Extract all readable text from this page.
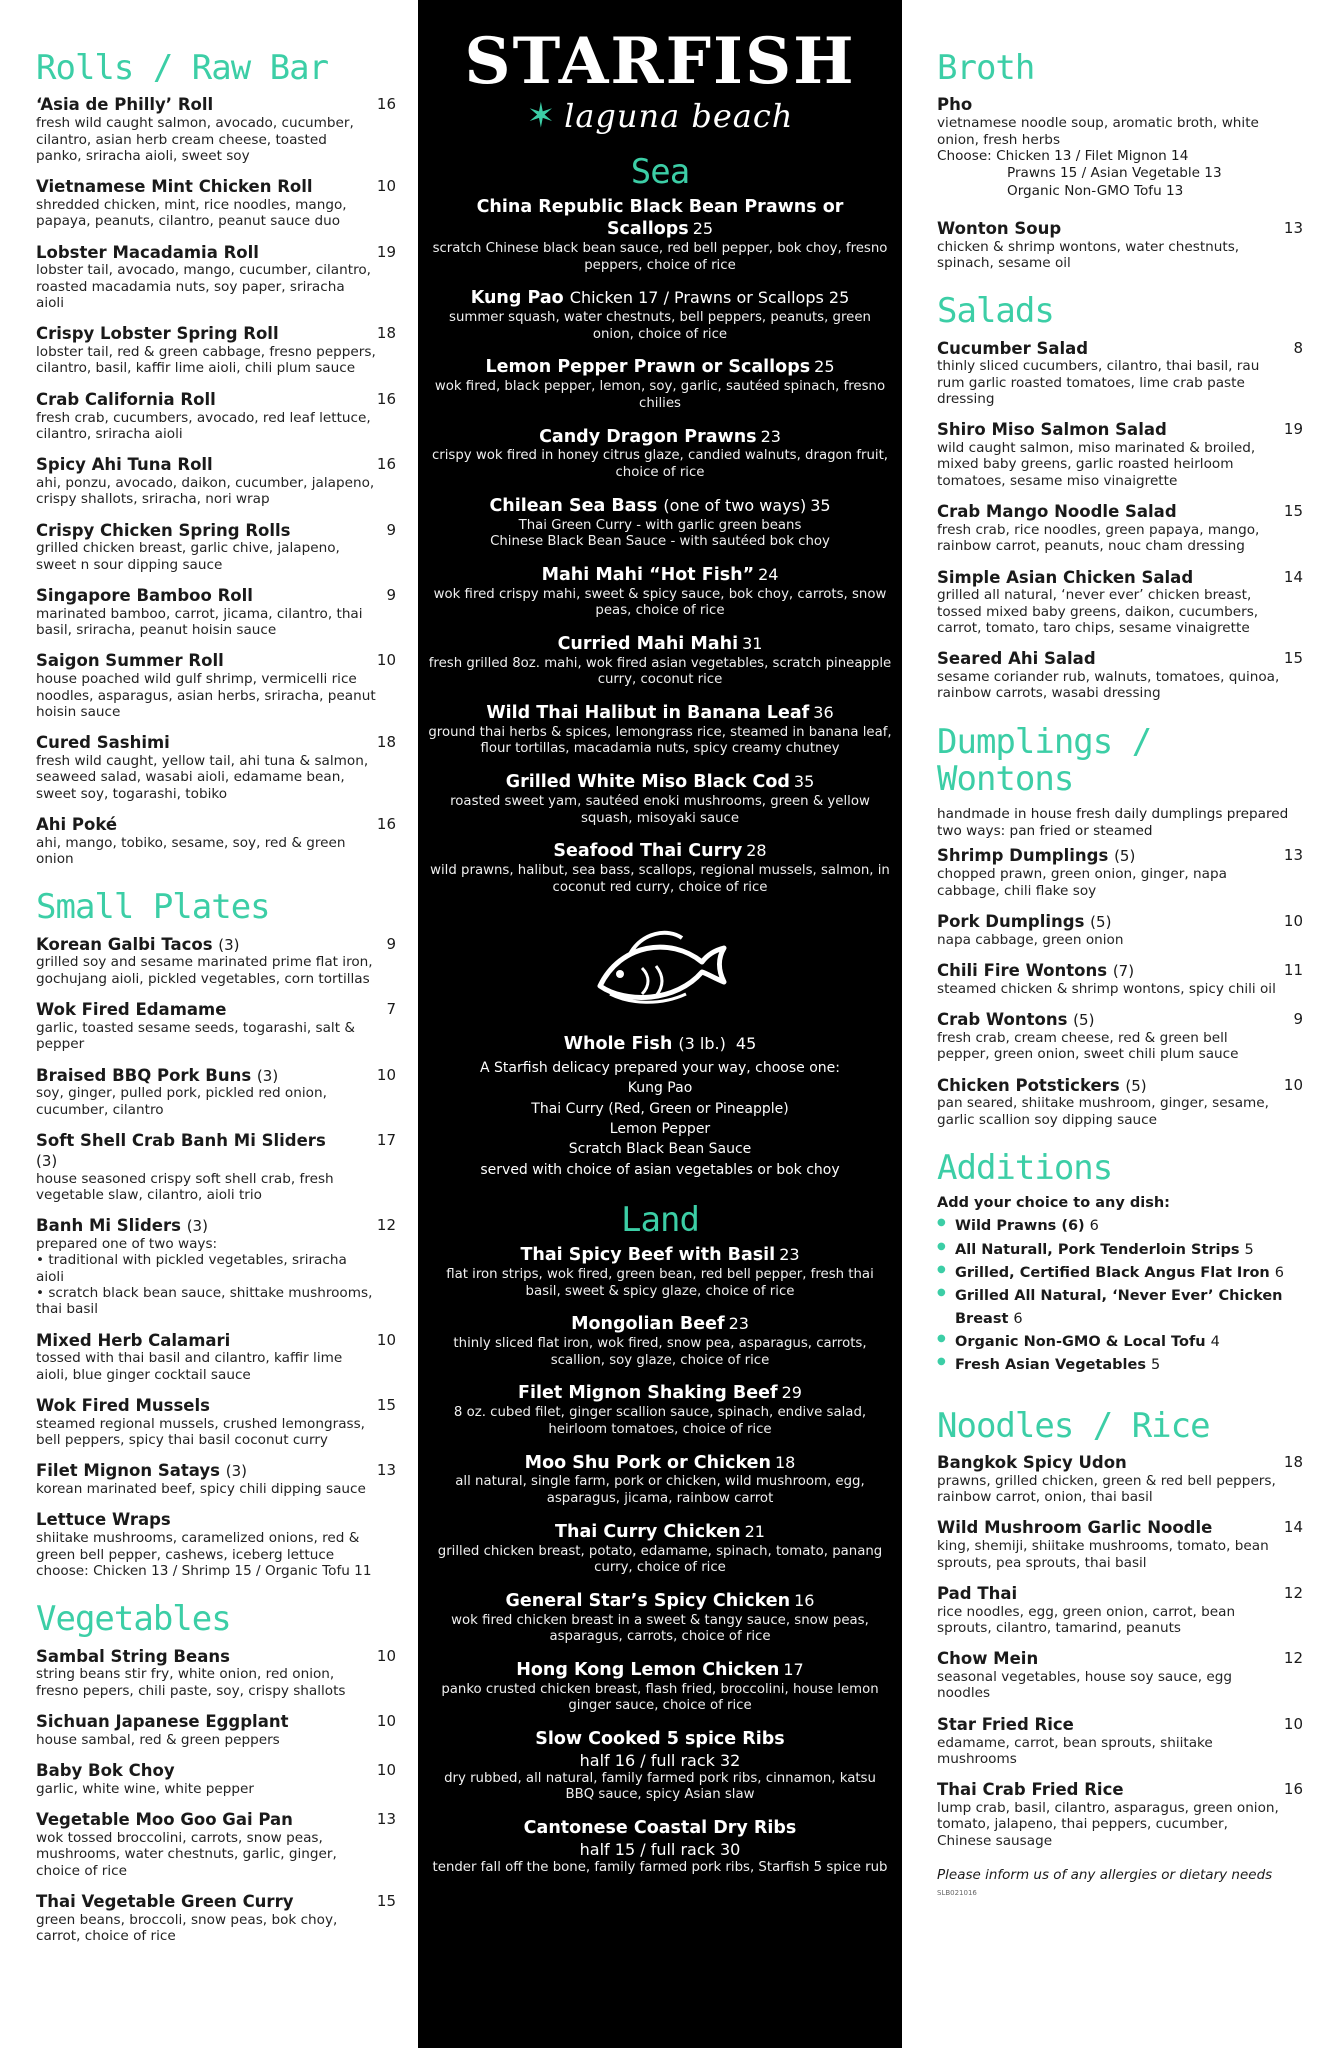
Rolls / Raw Bar
‘Asia de Philly’ Roll	16
fresh wild caught salmon, avocado, cucumber, cilantro, asian herb cream cheese, toasted panko, sriracha aioli, sweet soy
Vietnamese Mint Chicken Roll	10
shredded chicken, mint, rice noodles, mango, papaya, peanuts, cilantro, peanut sauce duo
Lobster Macadamia Roll	19
lobster tail, avocado, mango, cucumber, cilantro, roasted macadamia nuts, soy paper, sriracha aioli
Crispy Lobster Spring Roll	18
lobster tail, red & green cabbage, fresno peppers, cilantro, basil, kaffir lime aioli, chili plum sauce
Crab California Roll	16
fresh crab, cucumbers, avocado, red leaf lettuce, cilantro, sriracha aioli
Spicy Ahi Tuna Roll	16
ahi, ponzu, avocado, daikon, cucumber, jalapeno, crispy shallots, sriracha, nori wrap
Crispy Chicken Spring Rolls	9
grilled chicken breast, garlic chive, jalapeno, sweet n sour dipping sauce
Singapore Bamboo Roll	9
marinated bamboo, carrot, jicama, cilantro, thai basil, sriracha, peanut hoisin sauce
Saigon Summer Roll	10
house poached wild gulf shrimp, vermicelli rice noodles, asparagus, asian herbs, sriracha, peanut hoisin sauce
Cured Sashimi	18
fresh wild caught, yellow tail, ahi tuna & salmon, seaweed salad, wasabi aioli, edamame bean, sweet soy, togarashi, tobiko
Ahi Poké	16
ahi, mango, tobiko, sesame, soy, red & green onion
Small Plates
Korean Galbi Tacos (3)	9
grilled soy and sesame marinated prime flat iron, gochujang aioli, pickled vegetables, corn tortillas
Wok Fired Edamame	7
garlic, toasted sesame seeds, togarashi, salt & pepper
Braised BBQ Pork Buns (3)	10
soy, ginger, pulled pork, pickled red onion, cucumber, cilantro
Soft Shell Crab Banh Mi Sliders (3)
17
house seasoned crispy soft shell crab, fresh vegetable slaw, cilantro, aioli trio
Banh Mi Sliders (3)	12
prepared one of two ways:
• traditional with pickled vegetables, sriracha aioli
• scratch black bean sauce, shittake mushrooms, thai basil
Mixed Herb Calamari	10
tossed with thai basil and cilantro, kaffir lime aioli, blue ginger cocktail sauce
Wok Fired Mussels	15
steamed regional mussels, crushed lemongrass, bell peppers, spicy thai basil coconut curry
Filet Mignon Satays (3)	13
korean marinated beef, spicy chili dipping sauce
Lettuce Wraps
shiitake mushrooms, caramelized onions, red & green bell pepper, cashews, iceberg lettuce
choose: Chicken 13 / Shrimp 15 / Organic Tofu 11
Vegetables
Sambal String Beans	10
string beans stir fry, white onion, red onion, fresno pepers, chili paste, soy, crispy shallots
Sichuan Japanese Eggplant	10
house sambal, red & green peppers
Baby Bok Choy	10
garlic, white wine, white pepper
Vegetable Moo Goo Gai Pan	13
wok tossed broccolini, carrots, snow peas, mushrooms, water chestnuts, garlic, ginger, choice of rice
Thai Vegetable Green Curry	15
green beans, broccoli, snow peas, bok choy, carrot, choice of rice
STARFISH
✶ laguna beach
Sea
China Republic Black Bean Prawns or Scallops 25
scratch Chinese black bean sauce, red bell pepper, bok choy, fresno peppers, choice of rice
Kung Pao Chicken 17 / Prawns or Scallops 25
summer squash, water chestnuts, bell peppers, peanuts, green onion, choice of rice
Lemon Pepper Prawn or Scallops 25
wok fired, black pepper, lemon, soy, garlic, sautéed spinach, fresno chilies
Candy Dragon Prawns 23
crispy wok fired in honey citrus glaze, candied walnuts, dragon fruit, choice of rice
Chilean Sea Bass (one of two ways) 35
Thai Green Curry - with garlic green beans
Chinese Black Bean Sauce - with sautéed bok choy
Mahi Mahi “Hot Fish” 24
wok fired crispy mahi, sweet & spicy sauce, bok choy, carrots, snow peas, choice of rice
Curried Mahi Mahi 31
fresh grilled 8oz. mahi, wok fired asian vegetables, scratch pineapple curry, coconut rice
Wild Thai Halibut in Banana Leaf 36
ground thai herbs & spices, lemongrass rice, steamed in banana leaf, flour tortillas, macadamia nuts, spicy creamy chutney
Grilled White Miso Black Cod 35
roasted sweet yam, sautéed enoki mushrooms, green & yellow squash, misoyaki sauce
Seafood Thai Curry 28
wild prawns, halibut, sea bass, scallops, regional mussels, salmon, in coconut red curry, choice of rice
Whole Fish (3 lb.) 45
A Starfish delicacy prepared your way, choose one:
Kung Pao
Thai Curry (Red, Green or Pineapple)
Lemon Pepper
Scratch Black Bean Sauce
served with choice of asian vegetables or bok choy
Land
Thai Spicy Beef with Basil 23
flat iron strips, wok fired, green bean, red bell pepper, fresh thai basil, sweet & spicy glaze, choice of rice
Mongolian Beef 23
thinly sliced flat iron, wok fired, snow pea, asparagus, carrots, scallion, soy glaze, choice of rice
Filet Mignon Shaking Beef 29
8 oz. cubed filet, ginger scallion sauce, spinach, endive salad, heirloom tomatoes, choice of rice
Moo Shu Pork or Chicken 18
all natural, single farm, pork or chicken, wild mushroom, egg, asparagus, jicama, rainbow carrot
Thai Curry Chicken 21
grilled chicken breast, potato, edamame, spinach, tomato, panang curry, choice of rice
General Star’s Spicy Chicken 16
wok fired chicken breast in a sweet & tangy sauce, snow peas, asparagus, carrots, choice of rice
Hong Kong Lemon Chicken 17
panko crusted chicken breast, flash fried, broccolini, house lemon ginger sauce, choice of rice
Slow Cooked 5 spice Ribs
half 16 / full rack 32
dry rubbed, all natural, family farmed pork ribs, cinnamon, katsu BBQ sauce, spicy Asian slaw
Cantonese Coastal Dry Ribs
half 15 / full rack 30
tender fall off the bone, family farmed pork ribs, Starfish 5 spice rub
Broth
Pho
vietnamese noodle soup, aromatic broth, white onion, fresh herbs
Choose: Chicken 13 / Filet Mignon 14
Prawns 15 / Asian Vegetable 13
Organic Non-GMO Tofu 13
Wonton Soup	13
chicken & shrimp wontons, water chestnuts, spinach, sesame oil
Salads
Cucumber Salad	8
thinly sliced cucumbers, cilantro, thai basil, rau rum garlic roasted tomatoes, lime crab paste dressing
Shiro Miso Salmon Salad	19
wild caught salmon, miso marinated & broiled, mixed baby greens, garlic roasted heirloom tomatoes, sesame miso vinaigrette
Crab Mango Noodle Salad	15
fresh crab, rice noodles, green papaya, mango, rainbow carrot, peanuts, nouc cham dressing
Simple Asian Chicken Salad	14
grilled all natural, ‘never ever’ chicken breast, tossed mixed baby greens, daikon, cucumbers, carrot, tomato, taro chips, sesame vinaigrette
Seared Ahi Salad	15
sesame coriander rub, walnuts, tomatoes, quinoa, rainbow carrots, wasabi dressing
Dumplings / Wontons
handmade in house fresh daily dumplings prepared two ways: pan fried or steamed
Shrimp Dumplings (5)	13
chopped prawn, green onion, ginger, napa cabbage, chili flake soy
Pork Dumplings (5)	10
napa cabbage, green onion
Chili Fire Wontons (7)	11
steamed chicken & shrimp wontons, spicy chili oil
Crab Wontons (5)	9
fresh crab, cream cheese, red & green bell pepper, green onion, sweet chili plum sauce
Chicken Potstickers (5)	10
pan seared, shiitake mushroom, ginger, sesame, garlic scallion soy dipping sauce
Additions
Add your choice to any dish:
● Wild Prawns (6) 6
● All Naturall, Pork Tenderloin Strips 5
● Grilled, Certified Black Angus Flat Iron 6
● Grilled All Natural, ‘Never Ever’ Chicken Breast 6
● Organic Non-GMO & Local Tofu 4
● Fresh Asian Vegetables 5
Noodles / Rice
Bangkok Spicy Udon	18
prawns, grilled chicken, green & red bell peppers, rainbow carrot, onion, thai basil
Wild Mushroom Garlic Noodle	14
king, shemiji, shiitake mushrooms, tomato, bean sprouts, pea sprouts, thai basil
Pad Thai	12
rice noodles, egg, green onion, carrot, bean sprouts, cilantro, tamarind, peanuts
Chow Mein	12
seasonal vegetables, house soy sauce, egg noodles
Star Fried Rice	10
edamame, carrot, bean sprouts, shiitake mushrooms
Thai Crab Fried Rice	16
lump crab, basil, cilantro, asparagus, green onion, tomato, jalapeno, thai peppers, cucumber, Chinese sausage
Please inform us of any allergies or dietary needs
SLB021016
